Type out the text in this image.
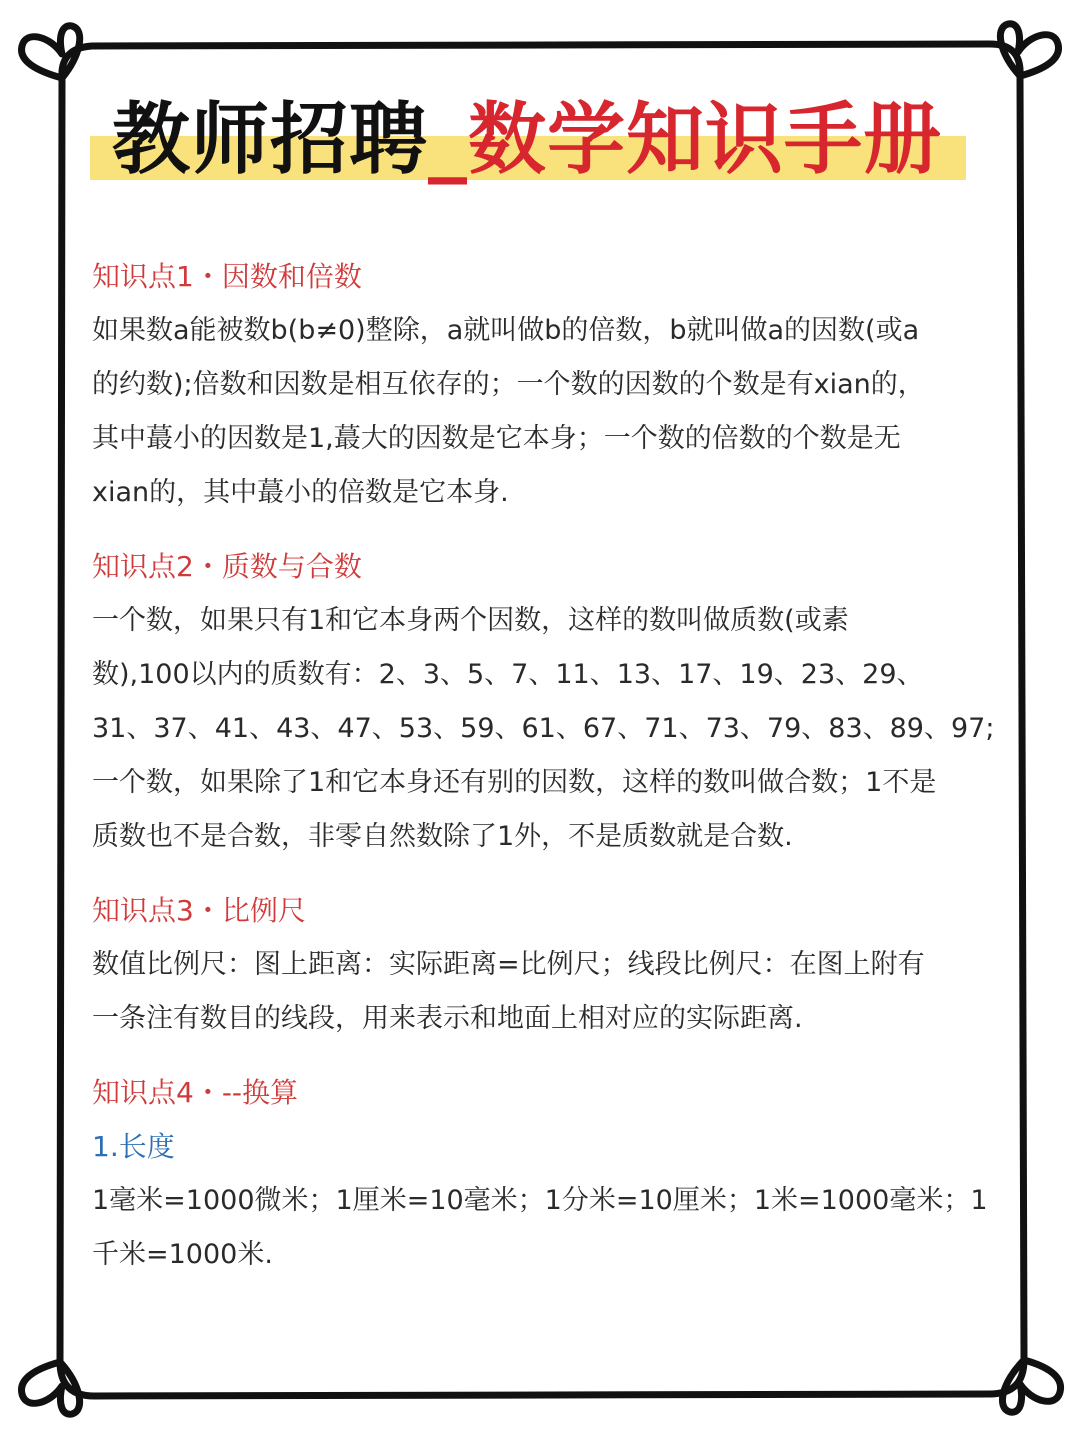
教师招聘_数学知识手册
知识点1・因数和倍数
如果数a能被数b(b≠0)整除，a就叫做b的倍数，b就叫做a的因数(或a
的约数);倍数和因数是相互依存的；一个数的因数的个数是有xian的，
其中蕞小的因数是1,蕞大的因数是它本身；一个数的倍数的个数是无
xian的，其中蕞小的倍数是它本身.
知识点2・质数与合数
一个数，如果只有1和它本身两个因数，这样的数叫做质数(或素
数),100以内的质数有：2、3、5、7、11、13、17、19、23、29、
31、37、41、43、47、53、59、61、67、71、73、79、83、89、97;
一个数，如果除了1和它本身还有别的因数，这样的数叫做合数；1不是
质数也不是合数，非零自然数除了1外，不是质数就是合数.
知识点3・比例尺
数值比例尺：图上距离：实际距离=比例尺；线段比例尺：在图上附有
一条注有数目的线段，用来表示和地面上相对应的实际距离.
知识点4・--换算
1.长度
1毫米=1000微米；1厘米=10毫米；1分米=10厘米；1米=1000毫米；1
千米=1000米.
